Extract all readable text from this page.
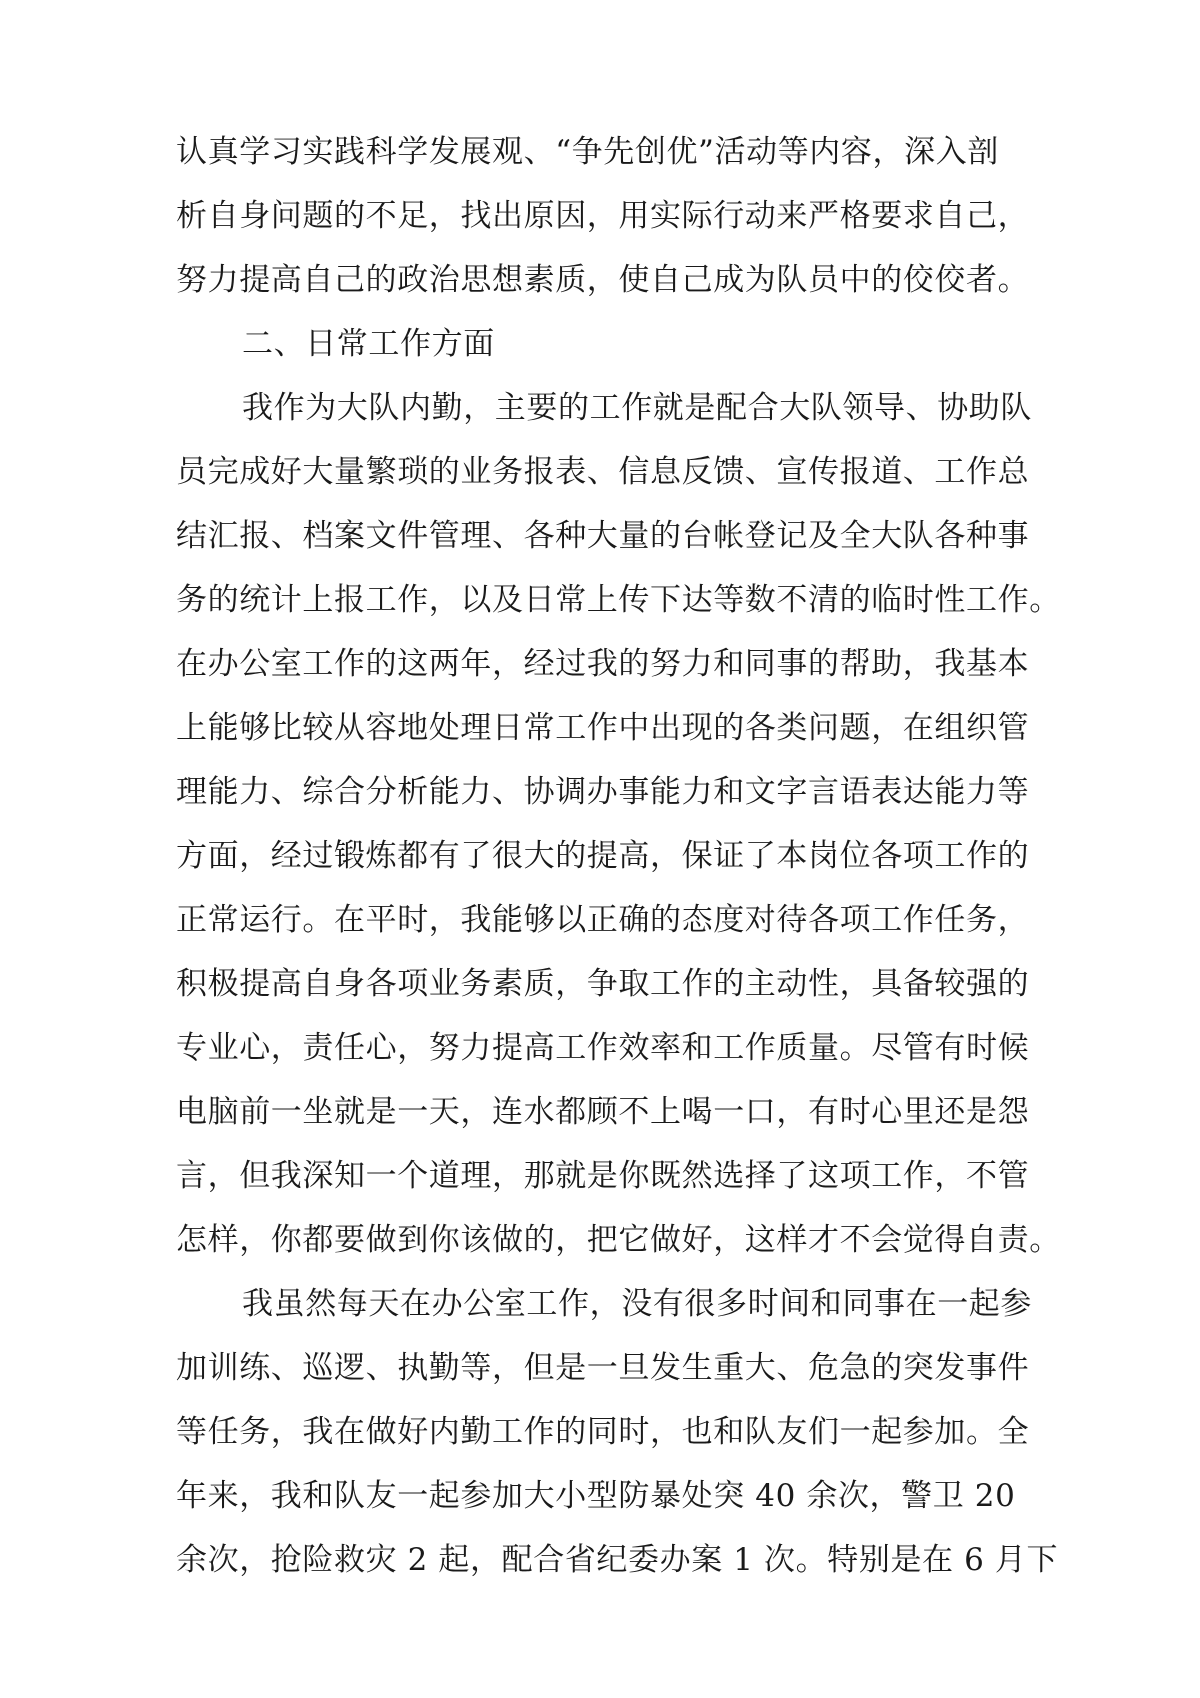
认真学习实践科学发展观、“争先创优”活动等内容，深入剖
析自身问题的不足，找出原因，用实际行动来严格要求自己，
努力提高自己的政治思想素质，使自己成为队员中的佼佼者。
二、日常工作方面
我作为大队内勤，主要的工作就是配合大队领导、协助队
员完成好大量繁琐的业务报表、信息反馈、宣传报道、工作总
结汇报、档案文件管理、各种大量的台帐登记及全大队各种事
务的统计上报工作，以及日常上传下达等数不清的临时性工作。
在办公室工作的这两年，经过我的努力和同事的帮助，我基本
上能够比较从容地处理日常工作中出现的各类问题，在组织管
理能力、综合分析能力、协调办事能力和文字言语表达能力等
方面，经过锻炼都有了很大的提高，保证了本岗位各项工作的
正常运行。在平时，我能够以正确的态度对待各项工作任务，
积极提高自身各项业务素质，争取工作的主动性，具备较强的
专业心，责任心，努力提高工作效率和工作质量。尽管有时候
电脑前一坐就是一天，连水都顾不上喝一口，有时心里还是怨
言，但我深知一个道理，那就是你既然选择了这项工作，不管
怎样，你都要做到你该做的，把它做好，这样才不会觉得自责。
我虽然每天在办公室工作，没有很多时间和同事在一起参
加训练、巡逻、执勤等，但是一旦发生重大、危急的突发事件
等任务，我在做好内勤工作的同时，也和队友们一起参加。全
年来，我和队友一起参加大小型防暴处突 40 余次，警卫 20
余次，抢险救灾 2 起，配合省纪委办案 1 次。特别是在 6 月下
